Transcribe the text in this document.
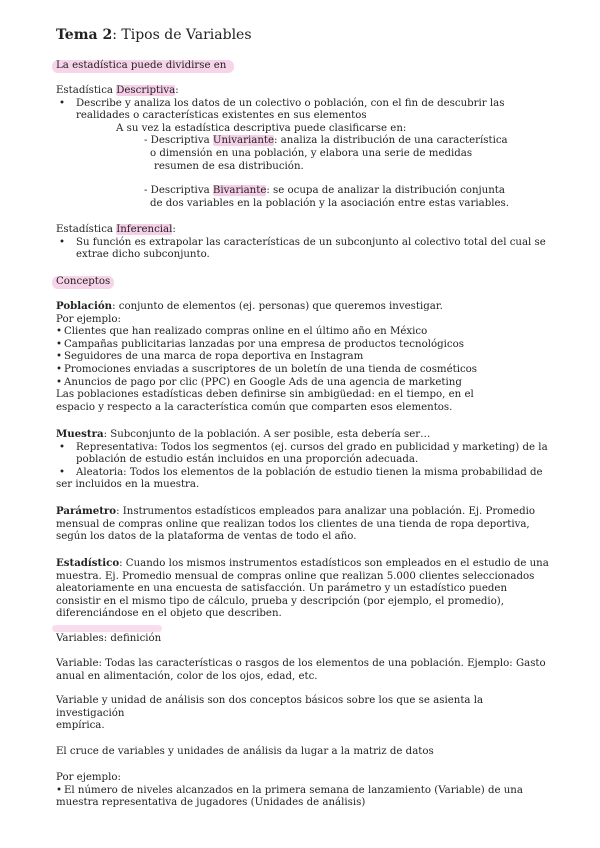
Tema 2: Tipos de Variables
La estadística puede dividirse en
Estadística Descriptiva:
• Describe y analiza los datos de un colectivo o población, con el fin de descubrir las
realidades o características existentes en sus elementos
A su vez la estadística descriptiva puede clasificarse en:
- Descriptiva Univariante: analiza la distribución de una característica
o dimensión en una población, y elabora una serie de medidas
resumen de esa distribución.
- Descriptiva Bivariante: se ocupa de analizar la distribución conjunta
de dos variables en la población y la asociación entre estas variables.
Estadística Inferencial:
• Su función es extrapolar las características de un subconjunto al colectivo total del cual se
extrae dicho subconjunto.
Conceptos
Población: conjunto de elementos (ej. personas) que queremos investigar.
Por ejemplo:
• Clientes que han realizado compras online en el último año en México
• Campañas publicitarias lanzadas por una empresa de productos tecnológicos
• Seguidores de una marca de ropa deportiva en Instagram
• Promociones enviadas a suscriptores de un boletín de una tienda de cosméticos
• Anuncios de pago por clic (PPC) en Google Ads de una agencia de marketing
Las poblaciones estadísticas deben definirse sin ambigüedad: en el tiempo, en el
espacio y respecto a la característica común que comparten esos elementos.
Muestra: Subconjunto de la población. A ser posible, esta debería ser…
• Representativa: Todos los segmentos (ej. cursos del grado en publicidad y marketing) de la
población de estudio están incluidos en una proporción adecuada.
• Aleatoria: Todos los elementos de la población de estudio tienen la misma probabilidad de
ser incluidos en la muestra.
Parámetro: Instrumentos estadísticos empleados para analizar una población. Ej. Promedio
mensual de compras online que realizan todos los clientes de una tienda de ropa deportiva,
según los datos de la plataforma de ventas de todo el año.
Estadístico: Cuando los mismos instrumentos estadísticos son empleados en el estudio de una
muestra. Ej. Promedio mensual de compras online que realizan 5.000 clientes seleccionados
aleatoriamente en una encuesta de satisfacción. Un parámetro y un estadístico pueden
consistir en el mismo tipo de cálculo, prueba y descripción (por ejemplo, el promedio),
diferenciándose en el objeto que describen.
Variables: definición
Variable: Todas las características o rasgos de los elementos de una población. Ejemplo: Gasto
anual en alimentación, color de los ojos, edad, etc.
Variable y unidad de análisis son dos conceptos básicos sobre los que se asienta la
investigación
empírica.
El cruce de variables y unidades de análisis da lugar a la matriz de datos
Por ejemplo:
• El número de niveles alcanzados en la primera semana de lanzamiento (Variable) de una
muestra representativa de jugadores (Unidades de análisis)
